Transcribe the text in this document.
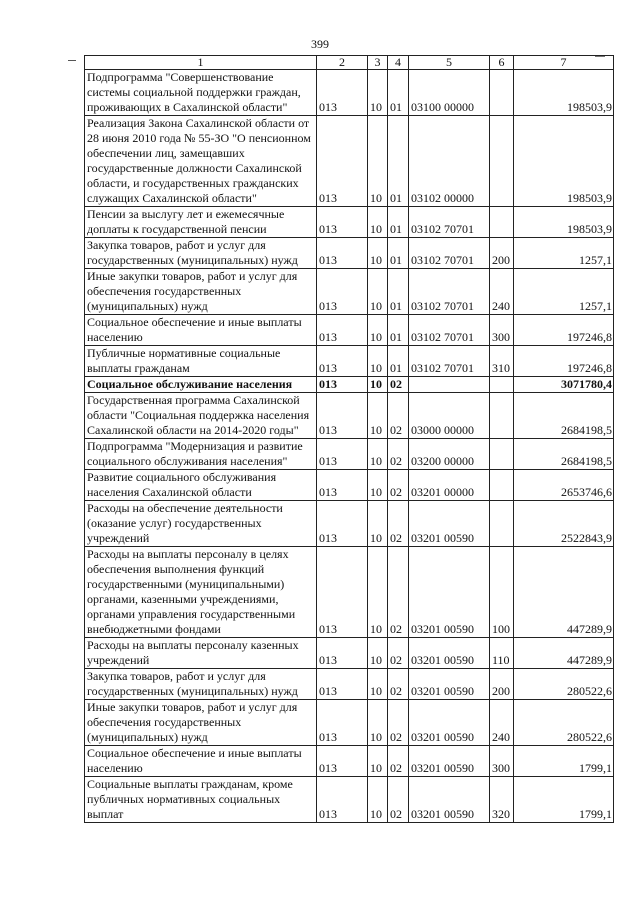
399
1	2	3	4	5	6	7
Подпрограмма "Совершенствование системы социальной поддержки граждан, проживающих в Сахалинской области"	013	10	01	03100 00000		198503,9
Реализация Закона Сахалинской области от 28 июня 2010 года № 55-ЗО "О пенсионном обеспечении лиц, замещавших государственные должности Сахалинской области, и государственных гражданских служащих Сахалинской области"	013	10	01	03102 00000		198503,9
Пенсии за выслугу лет и ежемесячные доплаты к государственной пенсии	013	10	01	03102 70701		198503,9
Закупка товаров, работ и услуг для государственных (муниципальных) нужд	013	10	01	03102 70701	200	1257,1
Иные закупки товаров, работ и услуг для обеспечения государственных (муниципальных) нужд	013	10	01	03102 70701	240	1257,1
Социальное обеспечение и иные выплаты населению	013	10	01	03102 70701	300	197246,8
Публичные нормативные социальные выплаты гражданам	013	10	01	03102 70701	310	197246,8
Социальное обслуживание населения	013	10	02			3071780,4
Государственная программа Сахалинской области "Социальная поддержка населения Сахалинской области на 2014-2020 годы"	013	10	02	03000 00000		2684198,5
Подпрограмма "Модернизация и развитие социального обслуживания населения"	013	10	02	03200 00000		2684198,5
Развитие социального обслуживания населения Сахалинской области	013	10	02	03201 00000		2653746,6
Расходы на обеспечение деятельности (оказание услуг) государственных учреждений	013	10	02	03201 00590		2522843,9
Расходы на выплаты персоналу в целях обеспечения выполнения функций государственными (муниципальными) органами, казенными учреждениями, органами управления государственными внебюджетными фондами	013	10	02	03201 00590	100	447289,9
Расходы на выплаты персоналу казенных учреждений	013	10	02	03201 00590	110	447289,9
Закупка товаров, работ и услуг для государственных (муниципальных) нужд	013	10	02	03201 00590	200	280522,6
Иные закупки товаров, работ и услуг для обеспечения государственных (муниципальных) нужд	013	10	02	03201 00590	240	280522,6
Социальное обеспечение и иные выплаты населению	013	10	02	03201 00590	300	1799,1
Социальные выплаты гражданам, кроме публичных нормативных социальных выплат	013	10	02	03201 00590	320	1799,1
